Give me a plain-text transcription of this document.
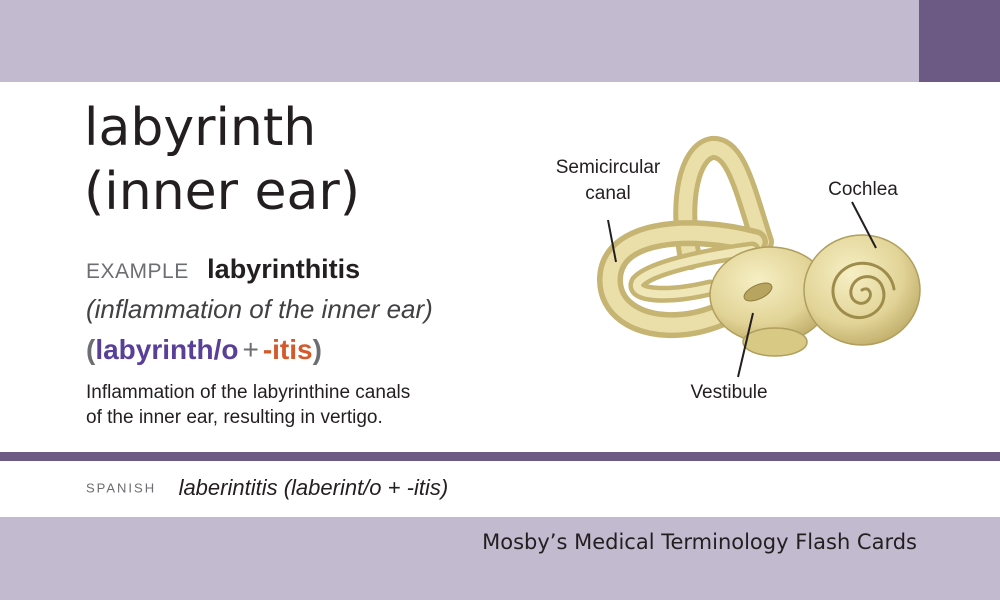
labyrinth
(inner ear)
EXAMPLE labyrinthitis
(inflammation of the inner ear)
(labyrinth/o + -itis)
Inflammation of the labyrinthine canals
of the inner ear, resulting in vertigo.
Semicircular
canal	Cochlea
Vestibule
SPANISH laberintitis (laberint/o + -itis)
Mosby’s Medical Terminology Flash Cards
